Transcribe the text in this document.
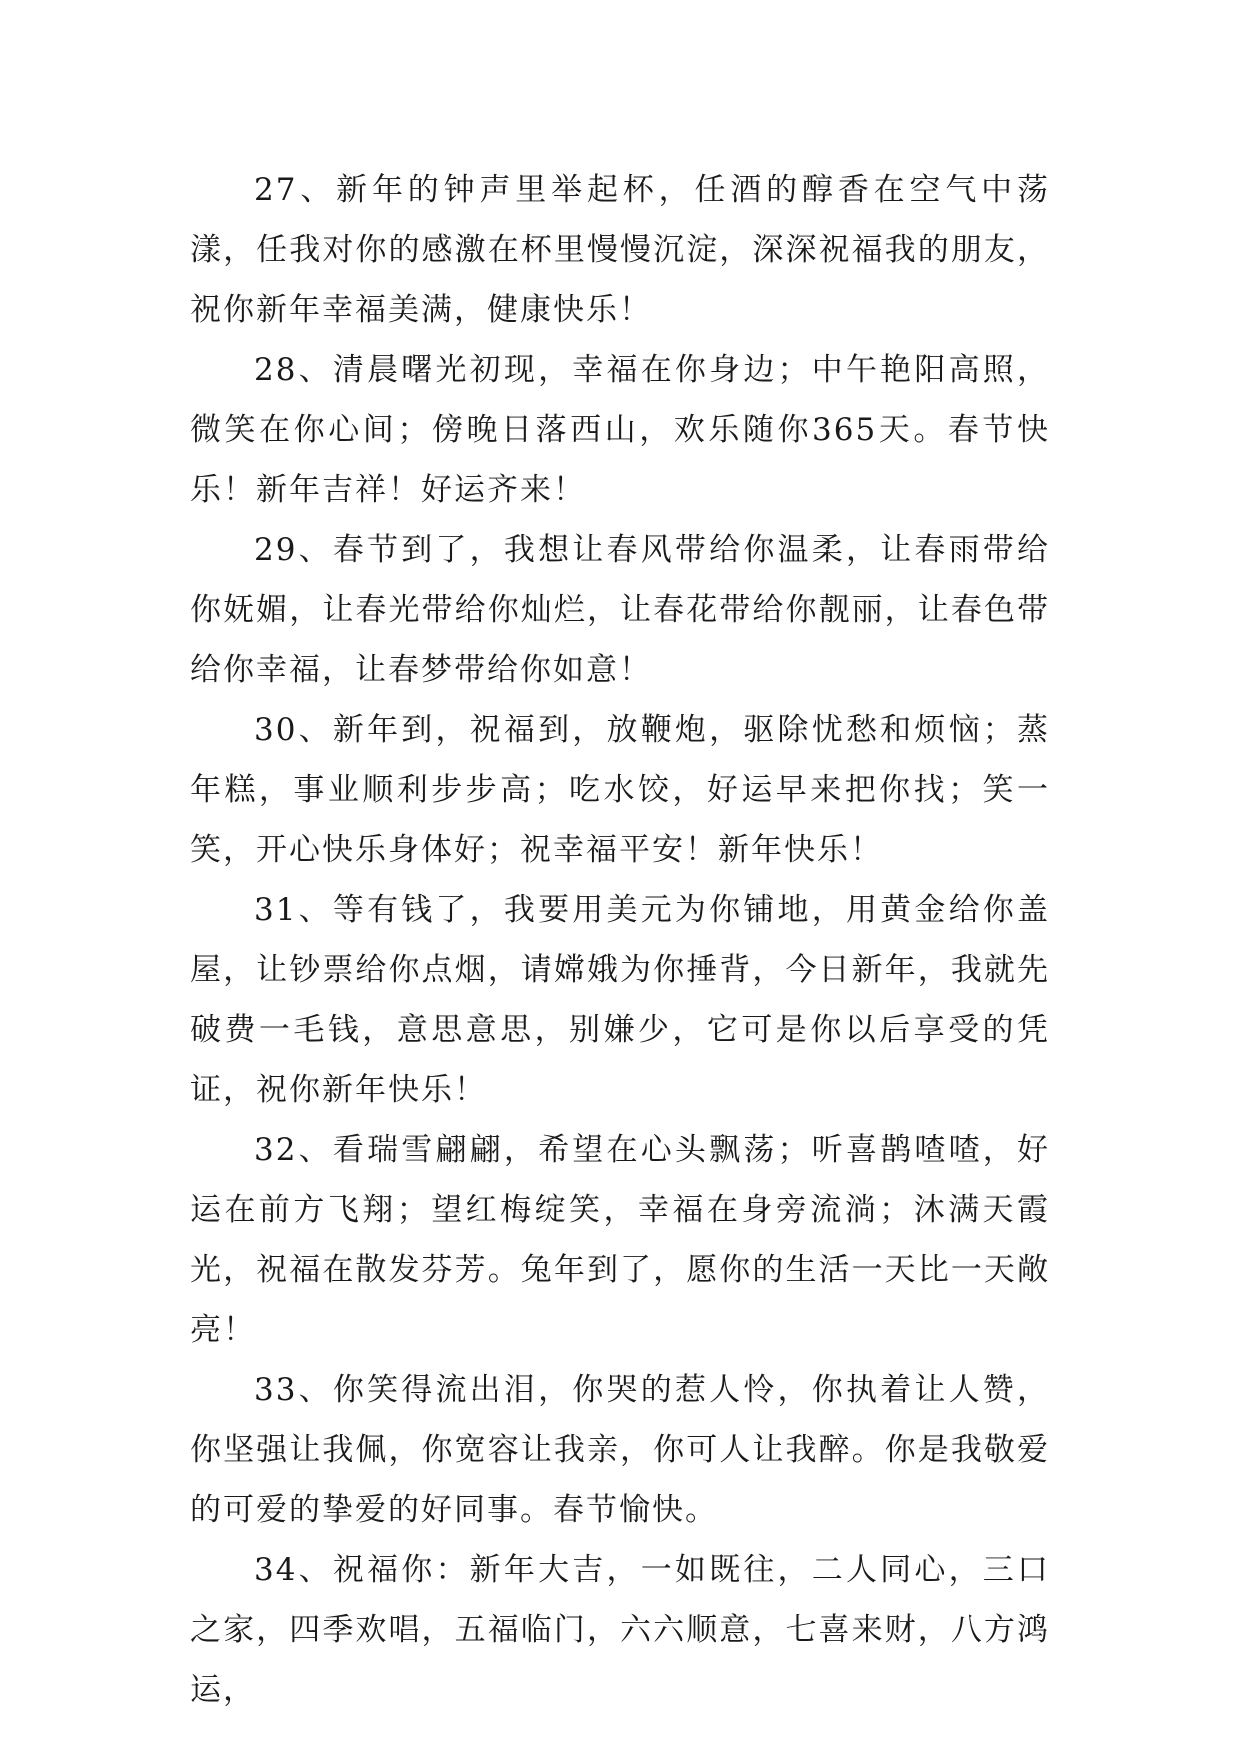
27、新年的钟声里举起杯，任酒的醇香在空气中荡漾，任我对你的感激在杯里慢慢沉淀，深深祝福我的朋友，祝你新年幸福美满，健康快乐！

28、清晨曙光初现，幸福在你身边；中午艳阳高照，微笑在你心间；傍晚日落西山，欢乐随你365天。春节快乐！新年吉祥！好运齐来！

29、春节到了，我想让春风带给你温柔，让春雨带给你妩媚，让春光带给你灿烂，让春花带给你靓丽，让春色带给你幸福，让春梦带给你如意！

30、新年到，祝福到，放鞭炮，驱除忧愁和烦恼；蒸年糕，事业顺利步步高；吃水饺，好运早来把你找；笑一笑，开心快乐身体好；祝幸福平安！新年快乐！

31、等有钱了，我要用美元为你铺地，用黄金给你盖屋，让钞票给你点烟，请嫦娥为你捶背，今日新年，我就先破费一毛钱，意思意思，别嫌少，它可是你以后享受的凭证，祝你新年快乐！

32、看瑞雪翩翩，希望在心头飘荡；听喜鹊喳喳，好运在前方飞翔；望红梅绽笑，幸福在身旁流淌；沐满天霞光，祝福在散发芬芳。兔年到了，愿你的生活一天比一天敞亮！

33、你笑得流出泪，你哭的惹人怜，你执着让人赞，你坚强让我佩，你宽容让我亲，你可人让我醉。你是我敬爱的可爱的挚爱的好同事。春节愉快。

34、祝福你：新年大吉，一如既往，二人同心，三口之家，四季欢唱，五福临门，六六顺意，七喜来财，八方鸿运，
